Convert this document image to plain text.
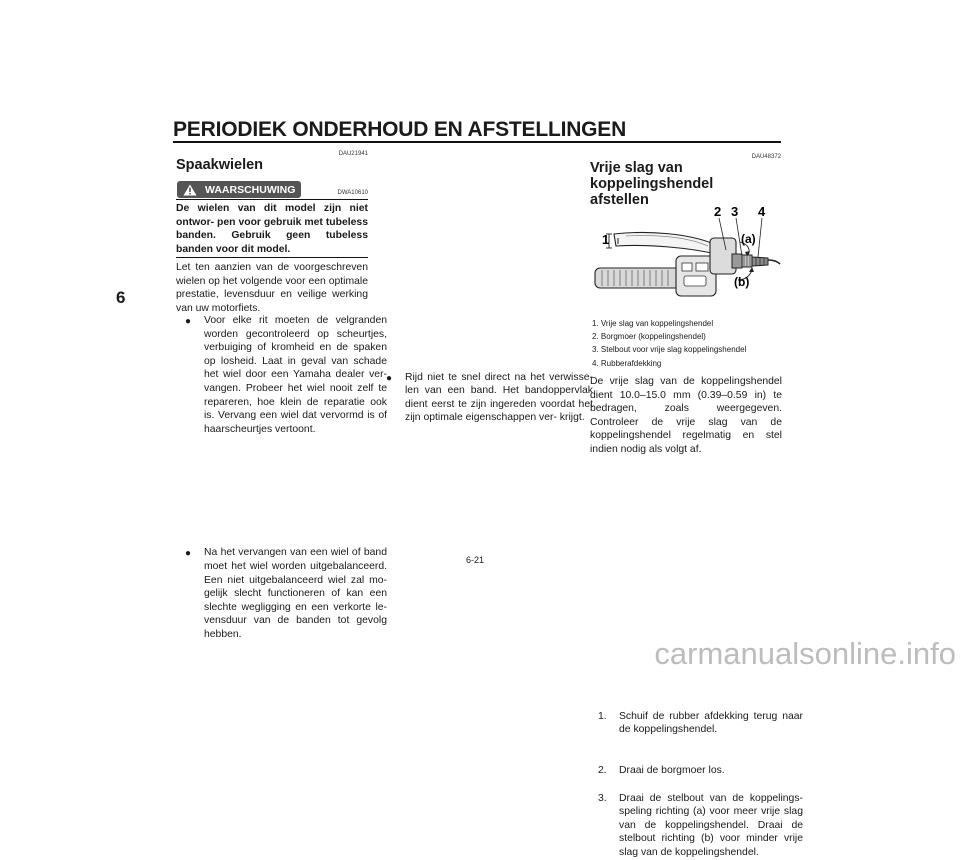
PERIODIEK ONDERHOUD EN AFSTELLINGEN
6
DAU21941
Spaakwielen
WAARSCHUWING	DWA10610
De wielen van dit model zijn niet ontwor- pen voor gebruik met tubeless banden. Gebruik geen tubeless banden voor dit model.
Let ten aanzien van de voorgeschreven wielen op het volgende voor een optimale prestatie, levensduur en veilige werking van uw motorfiets.
● Voor elke rit moeten de velgranden worden gecontroleerd op scheurtjes, verbuiging of kromheid en de spaken op losheid. Laat in geval van schade het wiel door een Yamaha dealer ver- vangen. Probeer het wiel nooit zelf te repareren, hoe klein de reparatie ook is. Vervang een wiel dat vervormd is of haarscheurtjes vertoont.
● Na het vervangen van een wiel of band moet het wiel worden uitgebalanceerd. Een niet uitgebalanceerd wiel zal mo- gelijk slecht functioneren of kan een slechte wegligging en een verkorte le- vensduur van de banden tot gevolg hebben.
● Rijd niet te snel direct na het verwisse- len van een band. Het bandoppervlak dient eerst te zijn ingereden voordat het zijn optimale eigenschappen ver- krijgt.
DAU48372
Vrije slag van koppelingshendel
afstellen
1
2 3 4
(a)
(b)
1. Vrije slag van koppelingshendel
2. Borgmoer (koppelingshendel)
3. Stelbout voor vrije slag koppelingshendel
4. Rubberafdekking
De vrije slag van de koppelingshendel dient 10.0–15.0 mm (0.39–0.59 in) te bedragen, zoals weergegeven. Controleer de vrije slag van de koppelingshendel regelmatig en stel indien nodig als volgt af.
1. Schuif de rubber afdekking terug naar de koppelingshendel.
2. Draai de borgmoer los.
3. Draai de stelbout van de koppelings- speling richting (a) voor meer vrije slag van de koppelingshendel. Draai de stelbout richting (b) voor minder vrije slag van de koppelingshendel.
6-21
carmanualsonline.info
